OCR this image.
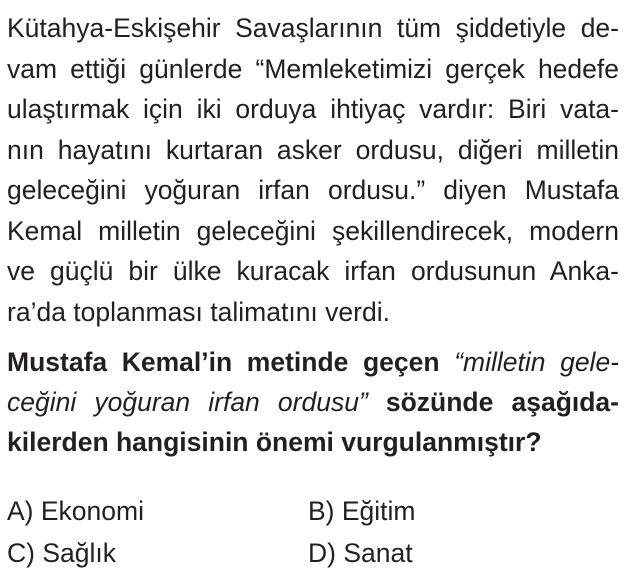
Kütahya-Eskişehir Savaşlarının tüm şiddetiyle de-
vam ettiği günlerde “Memleketimizi gerçek hedefe
ulaştırmak için iki orduya ihtiyaç vardır: Biri vata-
nın hayatını kurtaran asker ordusu, diğeri milletin
geleceğini yoğuran irfan ordusu.” diyen Mustafa
Kemal milletin geleceğini şekillendirecek, modern
ve güçlü bir ülke kuracak irfan ordusunun Anka-
ra’da toplanması talimatını verdi.
Mustafa Kemal’in metinde geçen “milletin gele-
ceğini yoğuran irfan ordusu” sözünde aşağıda-
kilerden hangisinin önemi vurgulanmıştır?
A) Ekonomi	B) Eğitim
C) Sağlık	D) Sanat
